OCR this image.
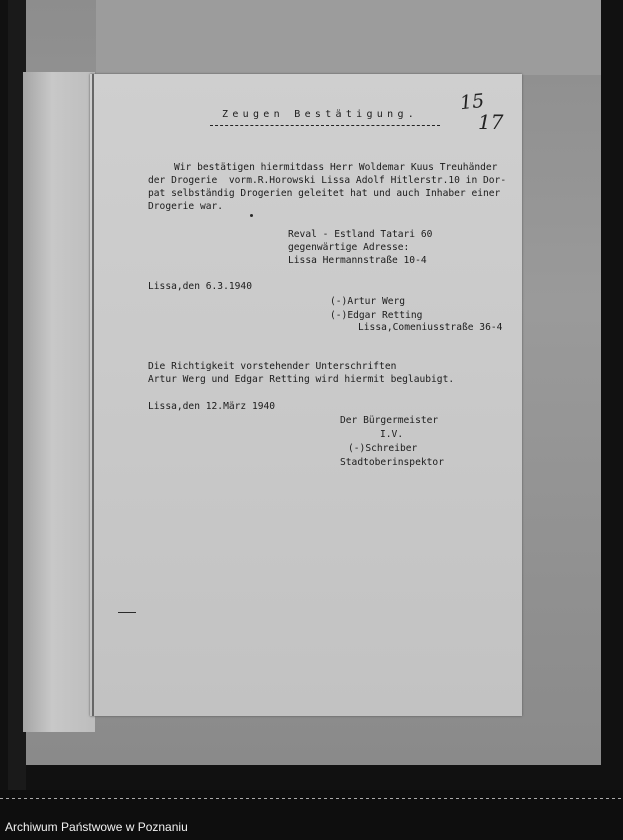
Zeugen Bestätigung.
15
17
Wir bestätigen hiermitdass Herr Woldemar Kuus Treuhänder
der Drogerie  vorm.R.Horowski Lissa Adolf Hitlerstr.10 in Dor-
pat selbständig Drogerien geleitet hat und auch Inhaber einer
Drogerie war.
Reval - Estland Tatari 60
gegenwärtige Adresse:
Lissa Hermannstraße 10-4
Lissa,den 6.3.1940
(-)Artur Werg
(-)Edgar Retting
Lissa,Comeniusstraße 36-4
Die Richtigkeit vorstehender Unterschriften
Artur Werg und Edgar Retting wird hiermit beglaubigt.
Lissa,den 12.März 1940
Der Bürgermeister
I.V.
(-)Schreiber
Stadtoberinspektor
Archiwum Państwowe w Poznaniu
